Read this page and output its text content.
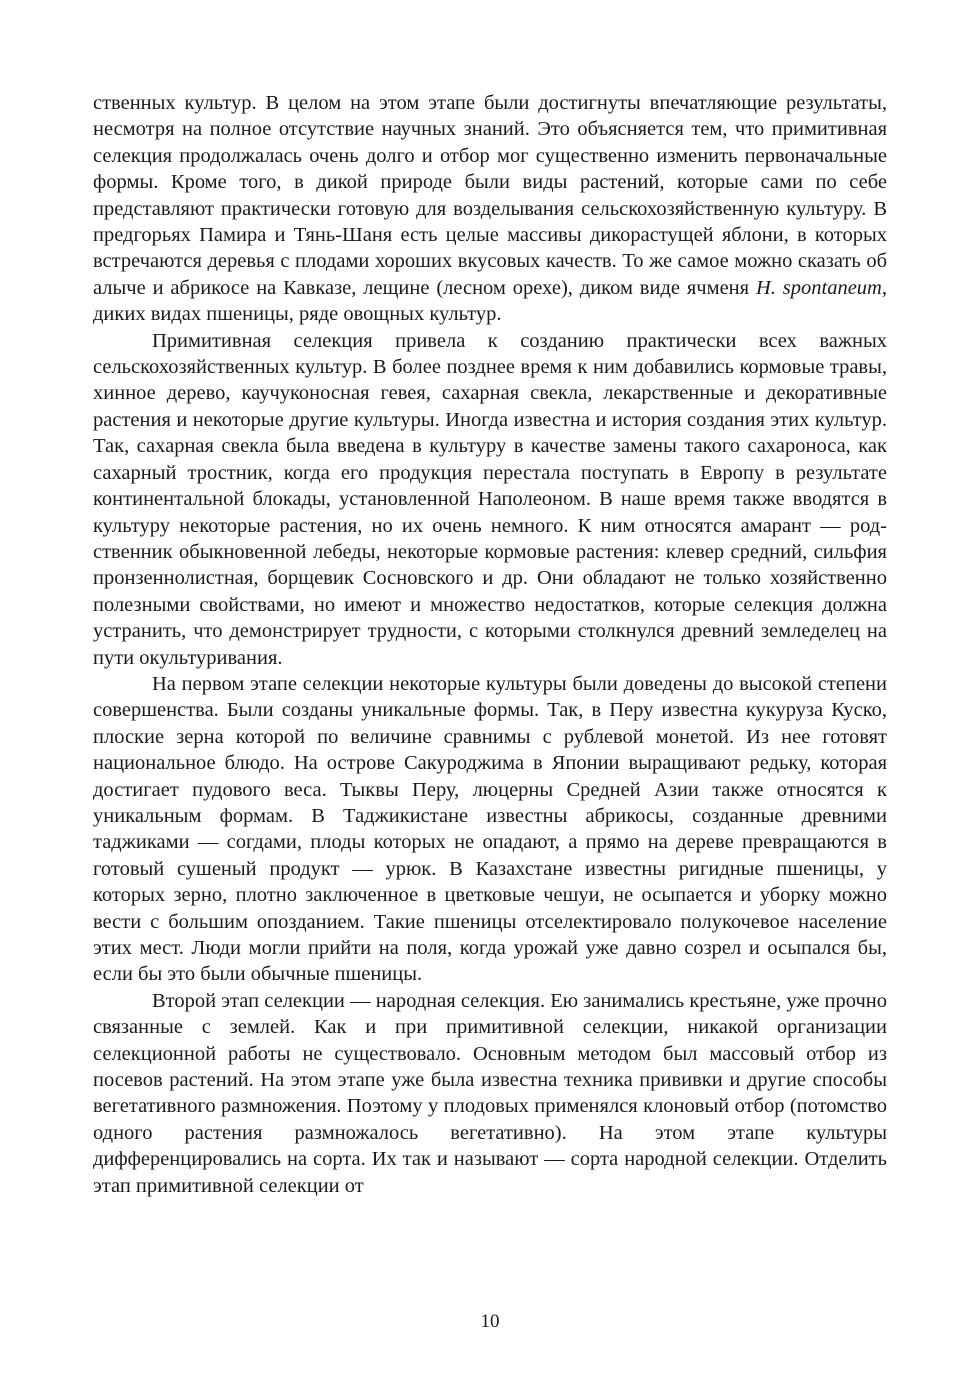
ственных культур. В целом на этом этапе были достигнуты впечатляющие результаты, несмотря на полное отсутствие научных знаний. Это объясняется тем, что примитивная селекция продолжалась очень долго и отбор мог существенно изменить первоначальные формы. Кроме того, в дикой природе были виды растений, которые сами по себе представляют практически готовую для возделывания сельскохозяйственную культуру. В предгорьях Памира и Тянь-Шаня есть целые массивы дикорастущей яблони, в которых встречаются деревья с плодами хороших вкусовых качеств. То же самое можно сказать об алыче и абрикосе на Кавказе, лещине (лесном орехе), диком виде ячменя H. spontaneum, диких видах пшеницы, ряде овощных культур.

Примитивная селекция привела к созданию практически всех важных сельскохозяйственных культур. В более позднее время к ним добавились кормовые травы, хинное дерево, каучуконосная гевея, сахарная свекла, лекарственные и декоративные растения и некоторые другие культуры. Иногда известна и история создания этих культур. Так, сахарная свекла была введена в культуру в качестве замены такого сахароноса, как сахарный тростник, когда его продукция перестала поступать в Европу в результате континентальной блокады, установленной Наполеоном. В наше время также вводятся в культуру некоторые растения, но их очень немного. К ним относятся амарант — родственник обыкновенной лебеды, некоторые кормовые растения: клевер средний, сильфия пронзеннолистная, борщевик Сосновского и др. Они обладают не только хозяйственно полезными свойствами, но имеют и множество недостатков, которые селекция должна устранить, что демонстрирует трудности, с которыми столкнулся древний земледелец на пути окультуривания.

На первом этапе селекции некоторые культуры были доведены до высокой степени совершенства. Были созданы уникальные формы. Так, в Перу известна кукуруза Куско, плоские зерна которой по величине сравнимы с рублевой монетой. Из нее готовят национальное блюдо. На острове Сакуроджима в Японии выращивают редьку, которая достигает пудового веса. Тыквы Перу, люцерны Средней Азии также относятся к уникальным формам. В Таджикистане известны абрикосы, созданные древними таджиками — согдами, плоды которых не опадают, а прямо на дереве превращаются в готовый сушеный продукт — урюк. В Казахстане известны ригидные пшеницы, у которых зерно, плотно заключенное в цветковые чешуи, не осыпается и уборку можно вести с большим опозданием. Такие пшеницы отселектировало полукочевое население этих мест. Люди могли прийти на поля, когда урожай уже давно созрел и осыпался бы, если бы это были обычные пшеницы.

Второй этап селекции — народная селекция. Ею занимались крестьяне, уже прочно связанные с землей. Как и при примитивной селекции, никакой организации селекционной работы не существовало. Основным методом был массовый отбор из посевов растений. На этом этапе уже была известна техника прививки и другие способы вегетативного размножения. Поэтому у плодовых применялся клоновый отбор (потомство одного растения размножалось вегетативно). На этом этапе культуры дифференцировались на сорта. Их так и называют — сорта народной селекции. Отделить этап примитивной селекции от

10
